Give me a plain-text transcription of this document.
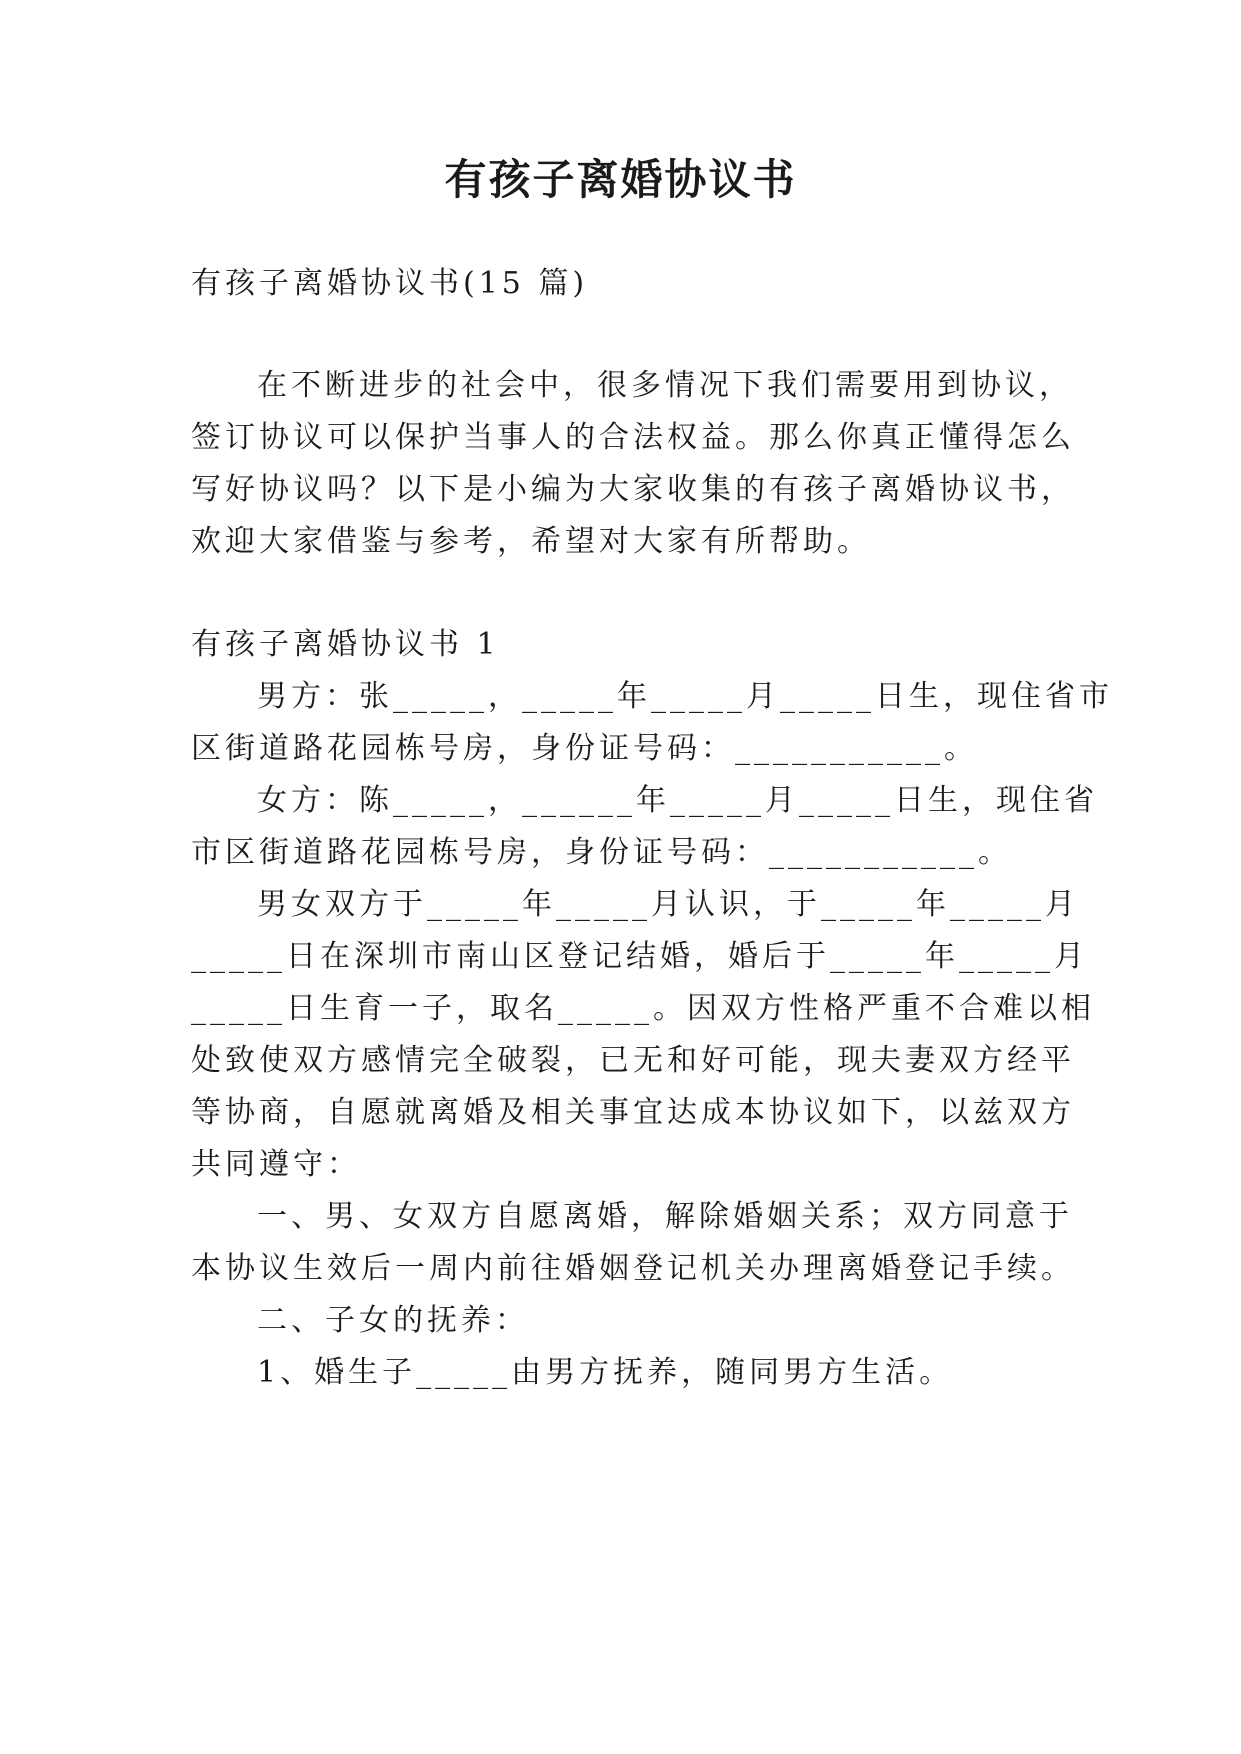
有孩子离婚协议书

有孩子离婚协议书(15 篇)

在不断进步的社会中，很多情况下我们需要用到协议，

签订协议可以保护当事人的合法权益。那么你真正懂得怎么

写好协议吗？以下是小编为大家收集的有孩子离婚协议书，

欢迎大家借鉴与参考，希望对大家有所帮助。

有孩子离婚协议书 1

男方：张_____，_____年_____月_____日生，现住省市

区街道路花园栋号房，身份证号码：___________。

女方：陈_____，______年_____月_____日生，现住省

市区街道路花园栋号房，身份证号码：___________。

男女双方于_____年_____月认识，于_____年_____月

_____日在深圳市南山区登记结婚，婚后于_____年_____月

_____日生育一子，取名_____。因双方性格严重不合难以相

处致使双方感情完全破裂，已无和好可能，现夫妻双方经平

等协商，自愿就离婚及相关事宜达成本协议如下，以兹双方

共同遵守：

一、男、女双方自愿离婚，解除婚姻关系；双方同意于

本协议生效后一周内前往婚姻登记机关办理离婚登记手续。

二、子女的抚养：

1、婚生子_____由男方抚养，随同男方生活。
